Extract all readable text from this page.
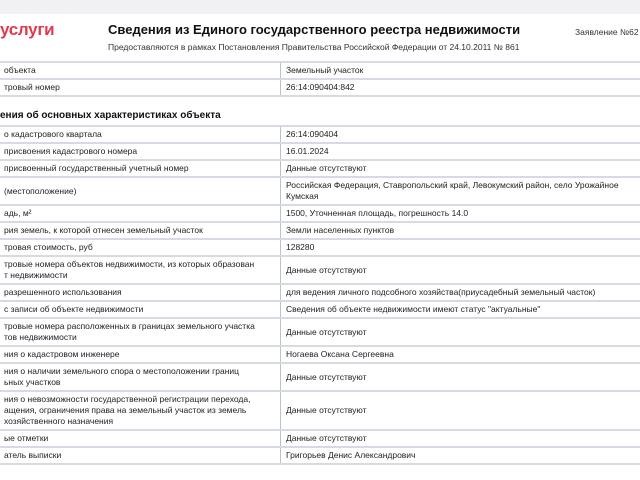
услуги	Сведения из Единого государственного реестра недвижимости
Предоставляются в рамках Постановления Правительства Российской Федерации от 24.10.2011 № 861
Заявление №62
объекта	Земельный участок
тровый номер	26:14:090404:842
ения об основных характеристиках объекта
о кадастрового квартала	26:14:090404
присвоения кадастрового номера	16.01.2024
присвоенный государственный учетный номер	Данные отсутствуют
(местоположение)	Российская Федерация, Ставропольский край, Левокумский район, село Урожайное
Кумская
адь, м²	1500, Уточненная площадь, погрешность 14.0
рия земель, к которой отнесен земельный участок	Земли населенных пунктов
тровая стоимость, руб	128280
тровые номера объектов недвижимости, из которых образован
т недвижимости	Данные отсутствуют
разрешенного использования	для ведения личного подсобного хозяйства(приусадебный земельный часток)
с записи об объекте недвижимости	Сведения об объекте недвижимости имеют статус "актуальные"
тровые номера расположенных в границах земельного участка
тов недвижимости	Данные отсутствуют
ния о кадастровом инженере	Ногаева Оксана Сергеевна
ния о наличии земельного спора о местоположении границ
ьных участков	Данные отсутствуют
ния о невозможности государственной регистрации перехода,
ащения, ограничения права на земельный участок из земель
хозяйственного назначения	Данные отсутствуют
ые отметки	Данные отсутствуют
атель выписки	Григорьев Денис Александрович
